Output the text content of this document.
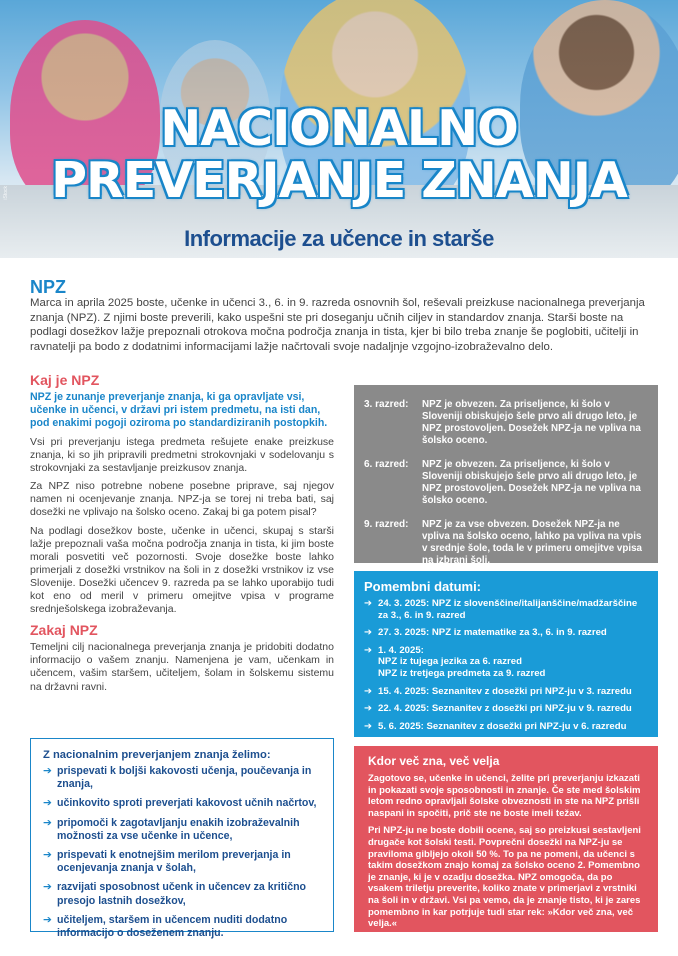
iStock
NACIONALNO
PREVERJANJE ZNANJA
Informacije za učence in starše
NPZ
Marca in aprila 2025 boste, učenke in učenci 3., 6. in 9. razreda osnovnih šol, reševali preizkuse nacionalnega preverjanja znanja (NPZ). Z njimi boste preverili, kako uspešni ste pri doseganju učnih ciljev in standardov znanja. Starši boste na podlagi dosežkov lažje prepoznali otrokova močna področja znanja in tista, kjer bi bilo treba znanje še poglobiti, učitelji in ravnatelji pa bodo z dodatnimi informacijami lažje načrtovali svoje nadaljnje vzgojno-izobraževalno delo.
Kaj je NPZ
NPZ je zunanje preverjanje znanja, ki ga opravljate vsi, učenke in učenci, v državi pri istem predmetu, na isti dan, pod enakimi pogoji oziroma po standardiziranih postopkih.
Vsi pri preverjanju istega predmeta rešujete enake preizkuse znanja, ki so jih pripravili predmetni strokovnjaki v sodelovanju s strokovnjaki za sestavljanje preizkusov znanja.
Za NPZ niso potrebne nobene posebne priprave, saj njegov namen ni ocenjevanje znanja. NPZ-ja se torej ni treba bati, saj dosežki ne vplivajo na šolsko oceno. Zakaj bi ga potem pisal?
Na podlagi dosežkov boste, učenke in učenci, skupaj s starši lažje prepoznali vaša močna področja znanja in tista, ki jim boste morali posvetiti več pozornosti. Svoje dosežke boste lahko primerjali z dosežki vrstnikov na šoli in z dosežki vrstnikov iz vse Slovenije. Dosežki učencev 9. razreda pa se lahko uporabijo tudi kot eno od meril v primeru omejitve vpisa v programe srednješolskega izobraževanja.
Zakaj NPZ
Temeljni cilj nacionalnega preverjanja znanja je pridobiti dodatno informacijo o vašem znanju. Namenjena je vam, učenkam in učencem, vašim staršem, učiteljem, šolam in šolskemu sistemu na državni ravni.
Z nacionalnim preverjanjem znanja želimo:
➔ prispevati k boljši kakovosti učenja, poučevanja in znanja,
➔ učinkovito sproti preverjati kakovost učnih načrtov,
➔ pripomoči k zagotavljanju enakih izobraževalnih možnosti za vse učenke in učence,
➔ prispevati k enotnejšim merilom preverjanja in ocenjevanja znanja v šolah,
➔ razvijati sposobnost učenk in učencev za kritično presojo lastnih dosežkov,
➔ učiteljem, staršem in učencem nuditi dodatno informacijo o doseženem znanju.
3. razred:	NPZ je obvezen. Za priseljence, ki šolo v Sloveniji obiskujejo šele prvo ali drugo leto, je NPZ prostovoljen. Dosežek NPZ-ja ne vpliva na šolsko oceno.
6. razred:	NPZ je obvezen. Za priseljence, ki šolo v Sloveniji obiskujejo šele prvo ali drugo leto, je NPZ prostovoljen. Dosežek NPZ-ja ne vpliva na šolsko oceno.
9. razred:	NPZ je za vse obvezen. Dosežek NPZ-ja ne vpliva na šolsko oceno, lahko pa vpliva na vpis v srednje šole, toda le v primeru omejitve vpisa na izbrani šoli.
Pomembni datumi:
➔ 24. 3. 2025: NPZ iz slovenščine/italijanščine/madžarščine za 3., 6. in 9. razred
➔ 27. 3. 2025: NPZ iz matematike za 3., 6. in 9. razred
➔ 1. 4. 2025:
NPZ iz tujega jezika za 6. razred
NPZ iz tretjega predmeta za 9. razred
➔ 15. 4. 2025: Seznanitev z dosežki pri NPZ-ju v 3. razredu
➔ 22. 4. 2025: Seznanitev z dosežki pri NPZ-ju v 9. razredu
➔ 5. 6. 2025: Seznanitev z dosežki pri NPZ-ju v 6. razredu
Kdor več zna, več velja

Zagotovo se, učenke in učenci, želite pri preverjanju izkazati in pokazati svoje sposobnosti in znanje. Če ste med šolskim letom redno opravljali šolske obveznosti in ste na NPZ prišli naspani in spočiti, prič ste ne boste imeli težav.

Pri NPZ-ju ne boste dobili ocene, saj so preizkusi sestavljeni drugače kot šolski testi. Povprečni dosežki na NPZ-ju se praviloma gibljejo okoli 50 %. To pa ne pomeni, da učenci s takim dosežkom znajo komaj za šolsko oceno 2. Pomembno je znanje, ki je v ozadju dosežka. NPZ omogoča, da po vsakem triletju preverite, koliko znate v primerjavi z vrstniki na šoli in v državi. Vsi pa vemo, da je znanje tisto, ki je zares pomembno in kar potrjuje tudi star rek: »Kdor več zna, več velja.«
